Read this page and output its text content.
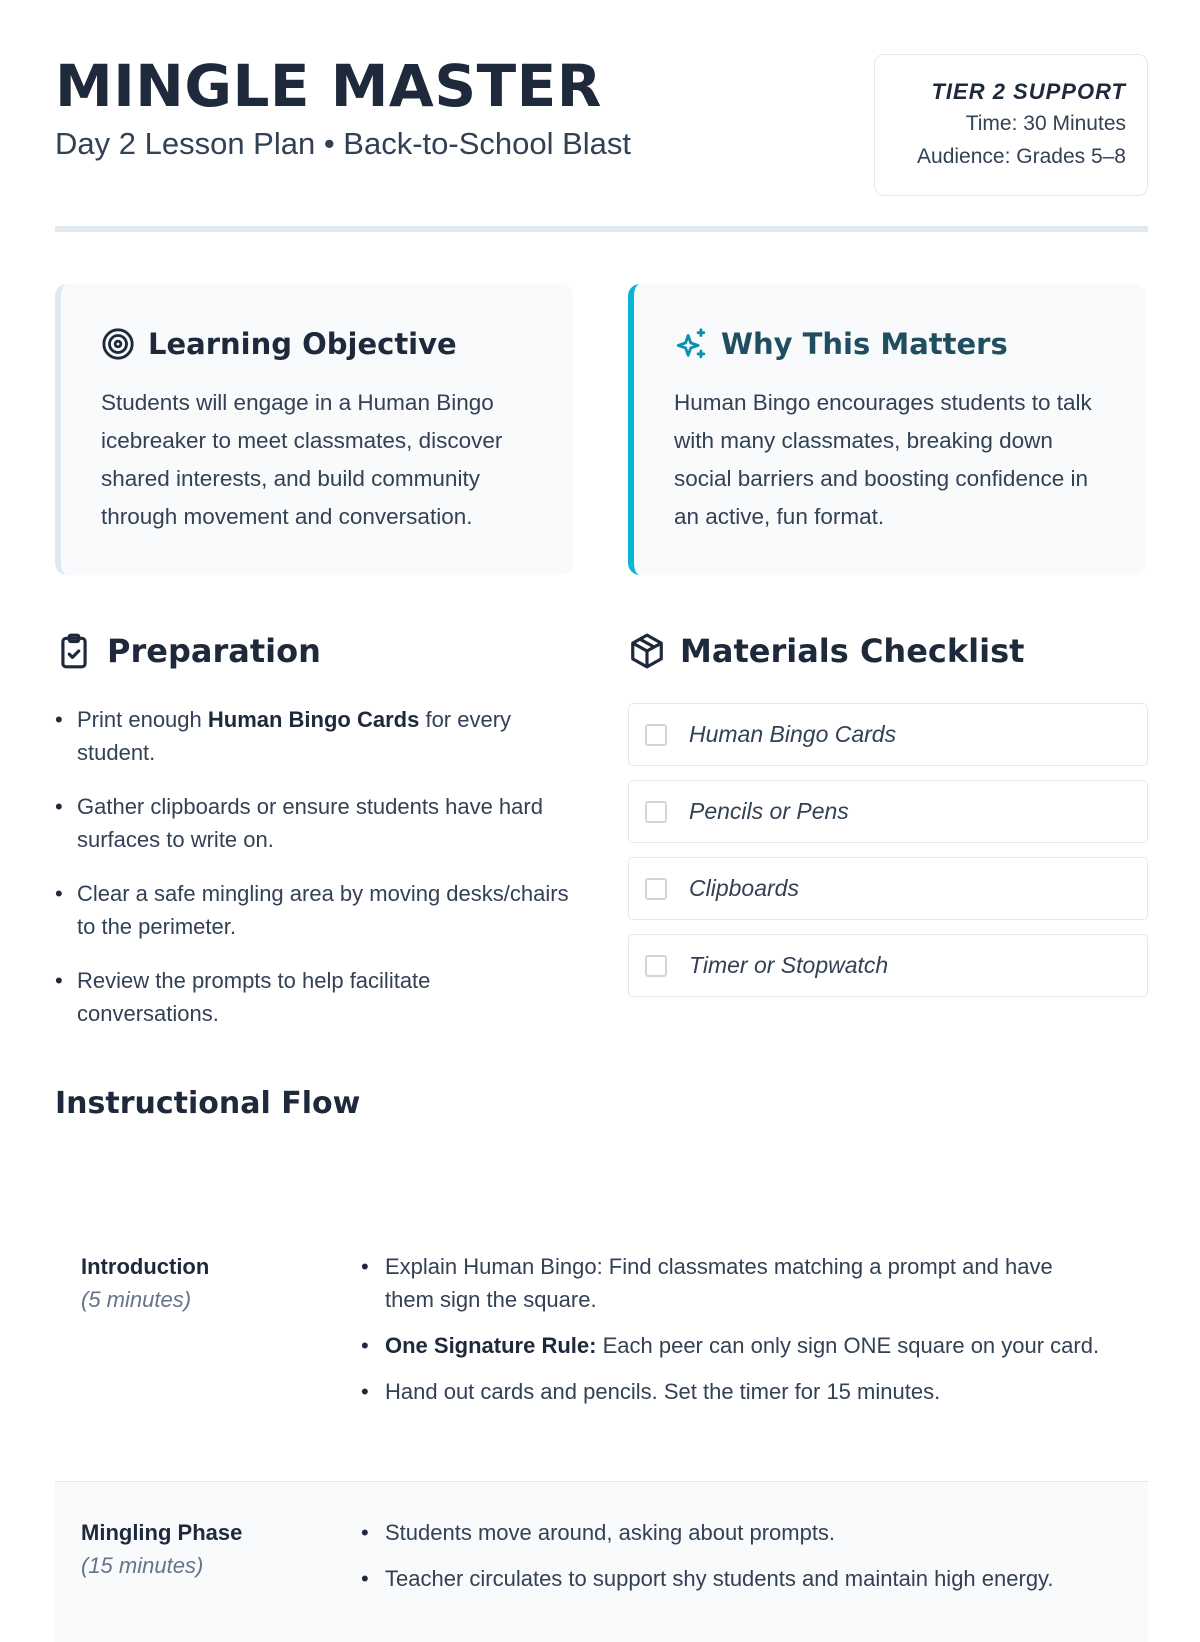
MINGLE MASTER
Day 2 Lesson Plan • Back-to-School Blast
TIER 2 SUPPORT
Time: 30 Minutes
Audience: Grades 5–8
Learning Objective
Students will engage in a Human Bingo icebreaker to meet classmates, discover shared interests, and build community through movement and conversation.
Why This Matters
Human Bingo encourages students to talk with many classmates, breaking down social barriers and boosting confidence in an active, fun format.
Preparation
• Print enough Human Bingo Cards for every student.
• Gather clipboards or ensure students have hard surfaces to write on.
• Clear a safe mingling area by moving desks/chairs to the perimeter.
• Review the prompts to help facilitate conversations.
Materials Checklist
Human Bingo Cards
Pencils or Pens
Clipboards
Timer or Stopwatch
Instructional Flow
Introduction
(5 minutes)
• Explain Human Bingo: Find classmates matching a prompt and have them sign the square.
• One Signature Rule: Each peer can only sign ONE square on your card.
• Hand out cards and pencils. Set the timer for 15 minutes.
Mingling Phase
(15 minutes)
• Students move around, asking about prompts.
• Teacher circulates to support shy students and maintain high energy.
